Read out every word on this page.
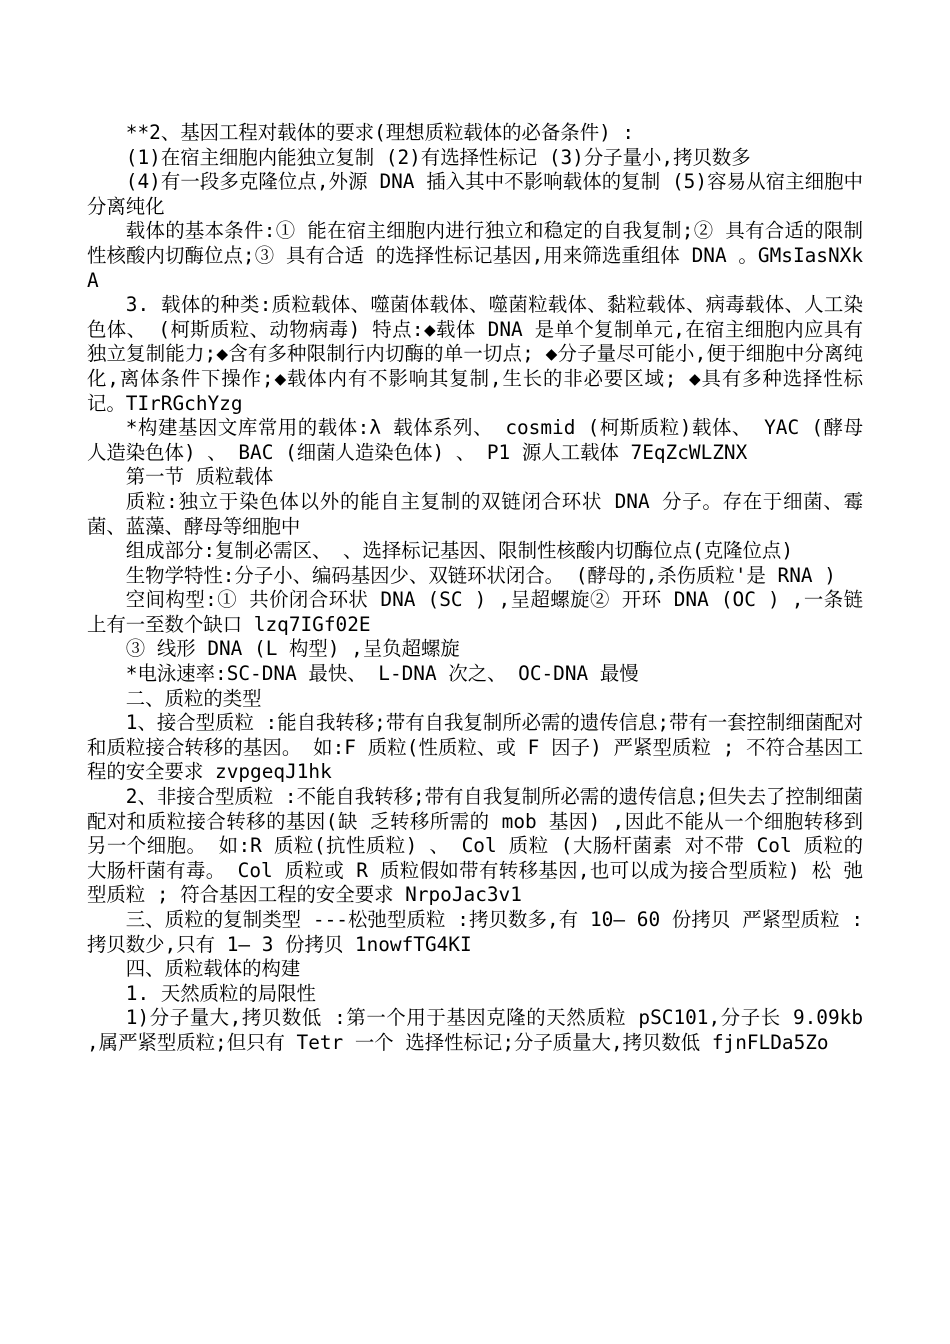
**2、基因工程对载体的要求(理想质粒载体的必备条件) :

(1)在宿主细胞内能独立复制 (2)有选择性标记 (3)分子量小,拷贝数多

(4)有一段多克隆位点,外源 DNA 插入其中不影响载体的复制 (5)容易从宿主细胞中分离纯化

载体的基本条件:① 能在宿主细胞内进行独立和稳定的自我复制;② 具有合适的限制性核酸内切酶位点;③ 具有合适 的选择性标记基因,用来筛选重组体 DNA 。GMsIasNXkA

3. 载体的种类:质粒载体、噬菌体载体、噬菌粒载体、黏粒载体、病毒载体、人工染色体、 (柯斯质粒、动物病毒) 特点:◆载体 DNA 是单个复制单元,在宿主细胞内应具有独立复制能力;◆含有多种限制行内切酶的单一切点; ◆分子量尽可能小,便于细胞中分离纯化,离体条件下操作;◆载体内有不影响其复制,生长的非必要区域; ◆具有多种选择性标记。TIrRGchYzg

*构建基因文库常用的载体:λ 载体系列、 cosmid (柯斯质粒)载体、 YAC (酵母人造染色体) 、 BAC (细菌人造染色体) 、 P1 源人工载体 7EqZcWLZNX

第一节 质粒载体

质粒:独立于染色体以外的能自主复制的双链闭合环状 DNA 分子。存在于细菌、霉菌、蓝藻、酵母等细胞中

组成部分:复制必需区、 、选择标记基因、限制性核酸内切酶位点(克隆位点)

生物学特性:分子小、编码基因少、双链环状闭合。 (酵母的,杀伤质粒'是 RNA )

空间构型:① 共价闭合环状 DNA (SC ) ,呈超螺旋② 开环 DNA (OC ) ,一条链上有一至数个缺口 lzq7IGf02E

③ 线形 DNA (L 构型) ,呈负超螺旋

*电泳速率:SC-DNA 最快、 L-DNA 次之、 OC-DNA 最慢

二、质粒的类型

1、接合型质粒 :能自我转移;带有自我复制所必需的遗传信息;带有一套控制细菌配对和质粒接合转移的基因。 如:F 质粒(性质粒、或 F 因子) 严紧型质粒 ; 不符合基因工程的安全要求 zvpgeqJ1hk

2、非接合型质粒 :不能自我转移;带有自我复制所必需的遗传信息;但失去了控制细菌配对和质粒接合转移的基因(缺 乏转移所需的 mob 基因) ,因此不能从一个细胞转移到另一个细胞。 如:R 质粒(抗性质粒) 、 Col 质粒 (大肠杆菌素 对不带 Col 质粒的大肠杆菌有毒。 Col 质粒或 R 质粒假如带有转移基因,也可以成为接合型质粒) 松 弛型质粒 ; 符合基因工程的安全要求 NrpoJac3v1

三、质粒的复制类型 ---松弛型质粒 :拷贝数多,有 10— 60 份拷贝 严紧型质粒 :拷贝数少,只有 1— 3 份拷贝 1nowfTG4KI

四、质粒载体的构建

1. 天然质粒的局限性

1)分子量大,拷贝数低 :第一个用于基因克隆的天然质粒 pSC101,分子长 9.09kb ,属严紧型质粒;但只有 Tetr 一个 选择性标记;分子质量大,拷贝数低 fjnFLDa5Zo
